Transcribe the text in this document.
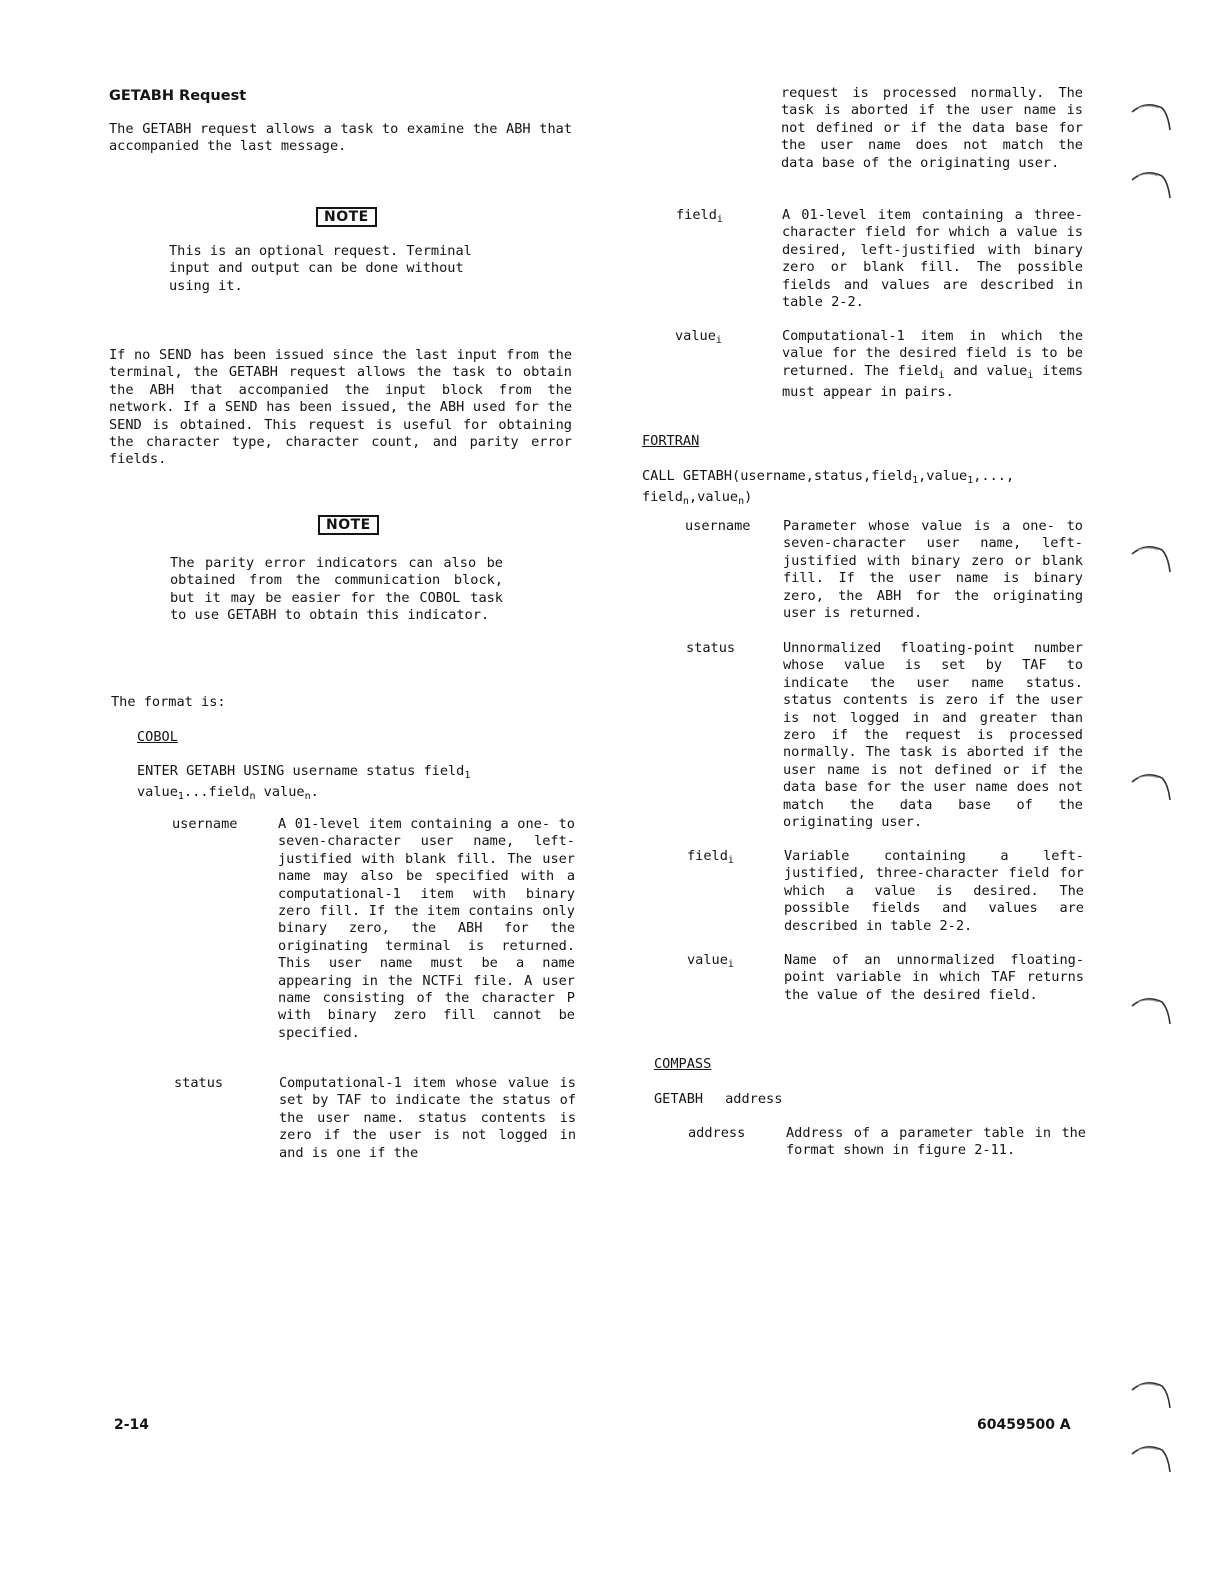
GETABH Request
The GETABH request allows a task to examine the ABH that accompanied the last message.
NOTE
This is an optional request. Terminal input and output can be done without using it.
If no SEND has been issued since the last input from the terminal, the GETABH request allows the task to obtain the ABH that accompanied the input block from the network. If a SEND has been issued, the ABH used for the SEND is obtained. This request is useful for obtaining the character type, character count, and parity error fields.
NOTE
The parity error indicators can also be obtained from the communication block, but it may be easier for the COBOL task to use GETABH to obtain this indicator.
The format is:
COBOL
ENTER GETABH USING username status field$_1$
value$_1$...field$_n$ value$_n$.
username	A 01-level item containing a one- to seven-character user name, left-justified with blank fill. The user name may also be specified with a computational-1 item with binary zero fill. If the item contains only binary zero, the ABH for the originating terminal is returned. This user name must be a name appearing in the NCTFi file. A user name consisting of the character P with binary zero fill cannot be specified.
status	Computational-1 item whose value is set by TAF to indicate the status of the user name. status contents is zero if the user is not logged in and is one if the
request is processed normally. The task is aborted if the user name is not defined or if the data base for the user name does not match the data base of the originating user.
field$_i$	A 01-level item containing a three-character field for which a value is desired, left-justified with binary zero or blank fill. The possible fields and values are described in table 2-2.
value$_i$	Computational-1 item in which the value for the desired field is to be returned. The field$_i$ and value$_i$ items must appear in pairs.
FORTRAN
CALL GETABH(username,status,field$_1$,value$_1$,...,
field$_n$,value$_n$)
username Parameter whose value is a one- to seven-character user name, left-justified with binary zero or blank fill. If the user name is binary zero, the ABH for the originating user is returned.
status	Unnormalized floating-point number whose value is set by TAF to indicate the user name status. status contents is zero if the user is not logged in and greater than zero if the request is processed normally. The task is aborted if the user name is not defined or if the data base for the user name does not match the data base of the originating user.
field$_i$	Variable containing a left-justified, three-character field for which a value is desired. The possible fields and values are described in table 2-2.
value$_i$	Name of an unnormalized floating-point variable in which TAF returns the value of the desired field.
COMPASS
GETABH address
address	Address of a parameter table in the format shown in figure 2-11.
2-14	60459500 A
